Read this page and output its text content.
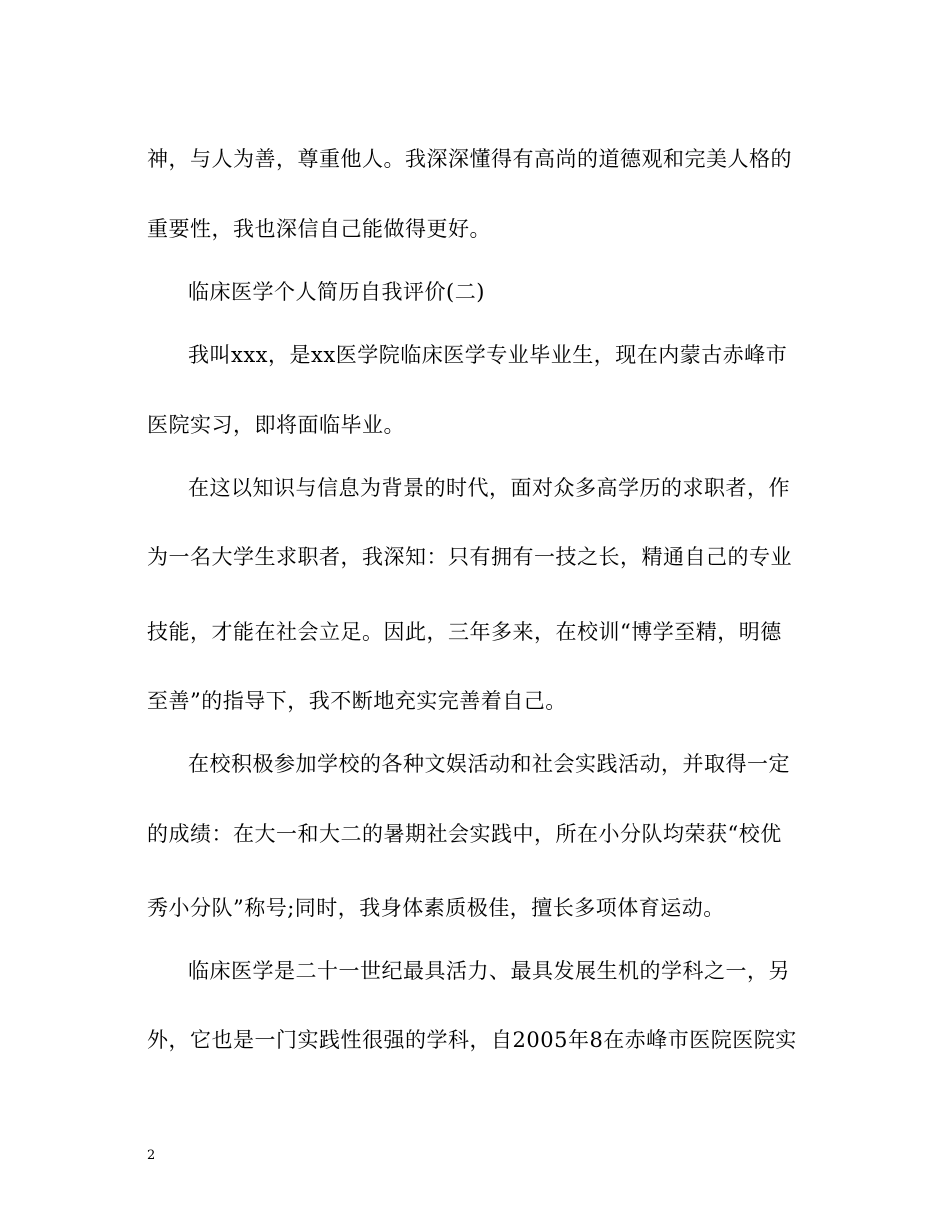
神，与人为善，尊重他人。我深深懂得有高尚的道德观和完美人格的
重要性，我也深信自己能做得更好。
临床医学个人简历自我评价(二)
我叫xxx，是xx医学院临床医学专业毕业生，现在内蒙古赤峰市
医院实习，即将面临毕业。
在这以知识与信息为背景的时代，面对众多高学历的求职者，作
为一名大学生求职者，我深知：只有拥有一技之长，精通自己的专业
技能，才能在社会立足。因此，三年多来，在校训“博学至精，明德
至善”的指导下，我不断地充实完善着自己。
在校积极参加学校的各种文娱活动和社会实践活动，并取得一定
的成绩：在大一和大二的暑期社会实践中，所在小分队均荣获“校优
秀小分队”称号;同时，我身体素质极佳，擅长多项体育运动。
临床医学是二十一世纪最具活力、最具发展生机的学科之一，另
外，它也是一门实践性很强的学科，自2005年8在赤峰市医院医院实
2
